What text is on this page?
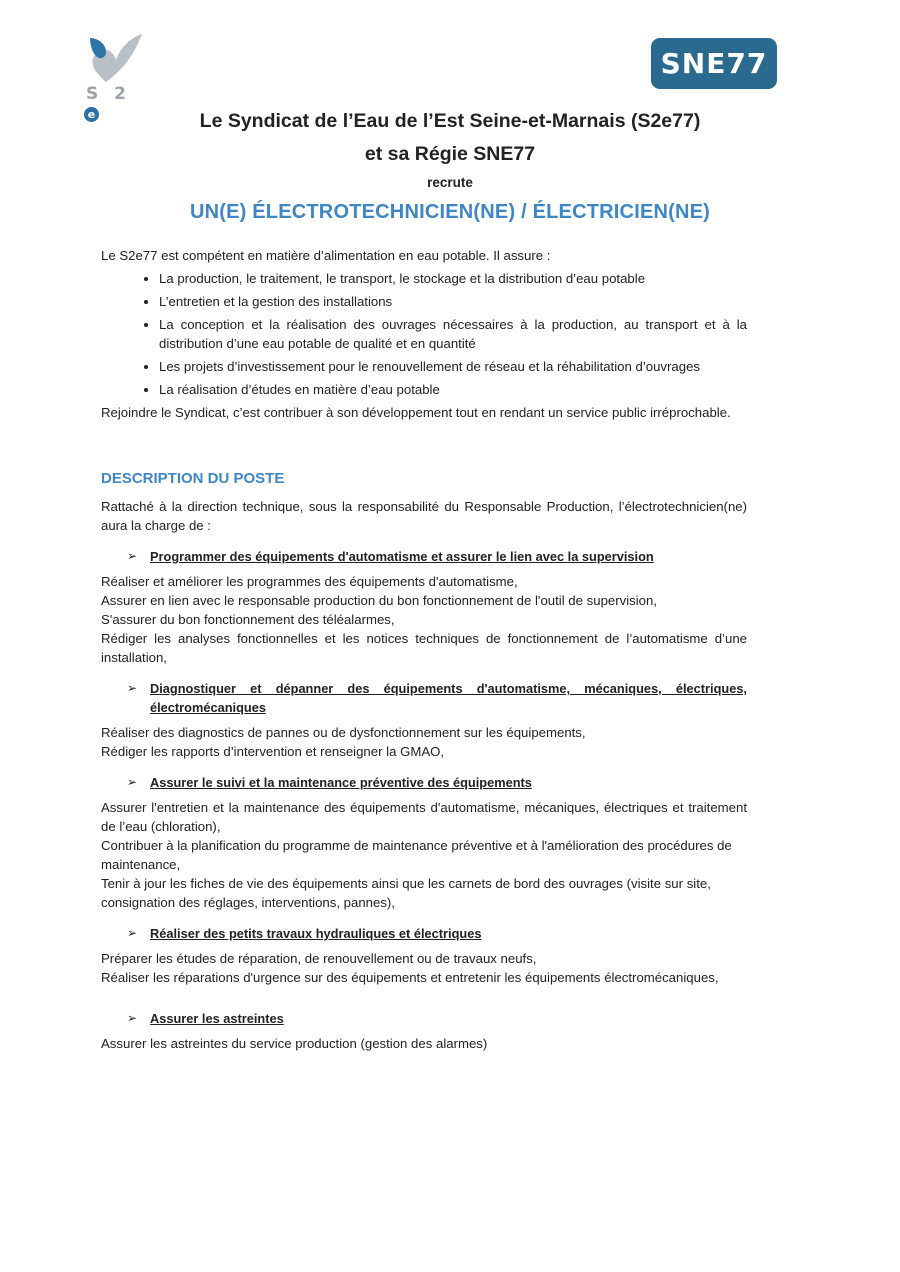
S 2 e
SNE77
Le Syndicat de l’Eau de l’Est Seine-et-Marnais (S2e77)
et sa Régie SNE77
recrute
UN(E) ÉLECTROTECHNICIEN(NE) / ÉLECTRICIEN(NE)

Le S2e77 est compétent en matière d’alimentation en eau potable. Il assure :

• La production, le traitement, le transport, le stockage et la distribution d’eau potable
• L’entretien et la gestion des installations
• La conception et la réalisation des ouvrages nécessaires à la production, au transport et à la distribution d’une eau potable de qualité et en quantité
• Les projets d’investissement pour le renouvellement de réseau et la réhabilitation d’ouvrages
• La réalisation d’études en matière d’eau potable

Rejoindre le Syndicat, c’est contribuer à son développement tout en rendant un service public irréprochable.

DESCRIPTION DU POSTE

Rattaché à la direction technique, sous la responsabilité du Responsable Production, l’électrotechnicien(ne) aura la charge de :

➢	Programmer des équipements d'automatisme et assurer le lien avec la supervision

Réaliser et améliorer les programmes des équipements d'automatisme,

Assurer en lien avec le responsable production du bon fonctionnement de l'outil de supervision,

S'assurer du bon fonctionnement des téléalarmes,

Rédiger les analyses fonctionnelles et les notices techniques de fonctionnement de l’automatisme d’une installation,

➢	Diagnostiquer et dépanner des équipements d'automatisme, mécaniques, électriques, électromécaniques

Réaliser des diagnostics de pannes ou de dysfonctionnement sur les équipements,

Rédiger les rapports d’intervention et renseigner la GMAO,

➢	Assurer le suivi et la maintenance préventive des équipements

Assurer l'entretien et la maintenance des équipements d'automatisme, mécaniques, électriques et traitement de l’eau (chloration),

Contribuer à la planification du programme de maintenance préventive et à l'amélioration des procédures de maintenance,

Tenir à jour les fiches de vie des équipements ainsi que les carnets de bord des ouvrages (visite sur site, consignation des réglages, interventions, pannes),

➢	Réaliser des petits travaux hydrauliques et électriques

Préparer les études de réparation, de renouvellement ou de travaux neufs,

Réaliser les réparations d'urgence sur des équipements et entretenir les équipements électromécaniques,

➢	Assurer les astreintes

Assurer les astreintes du service production (gestion des alarmes)
